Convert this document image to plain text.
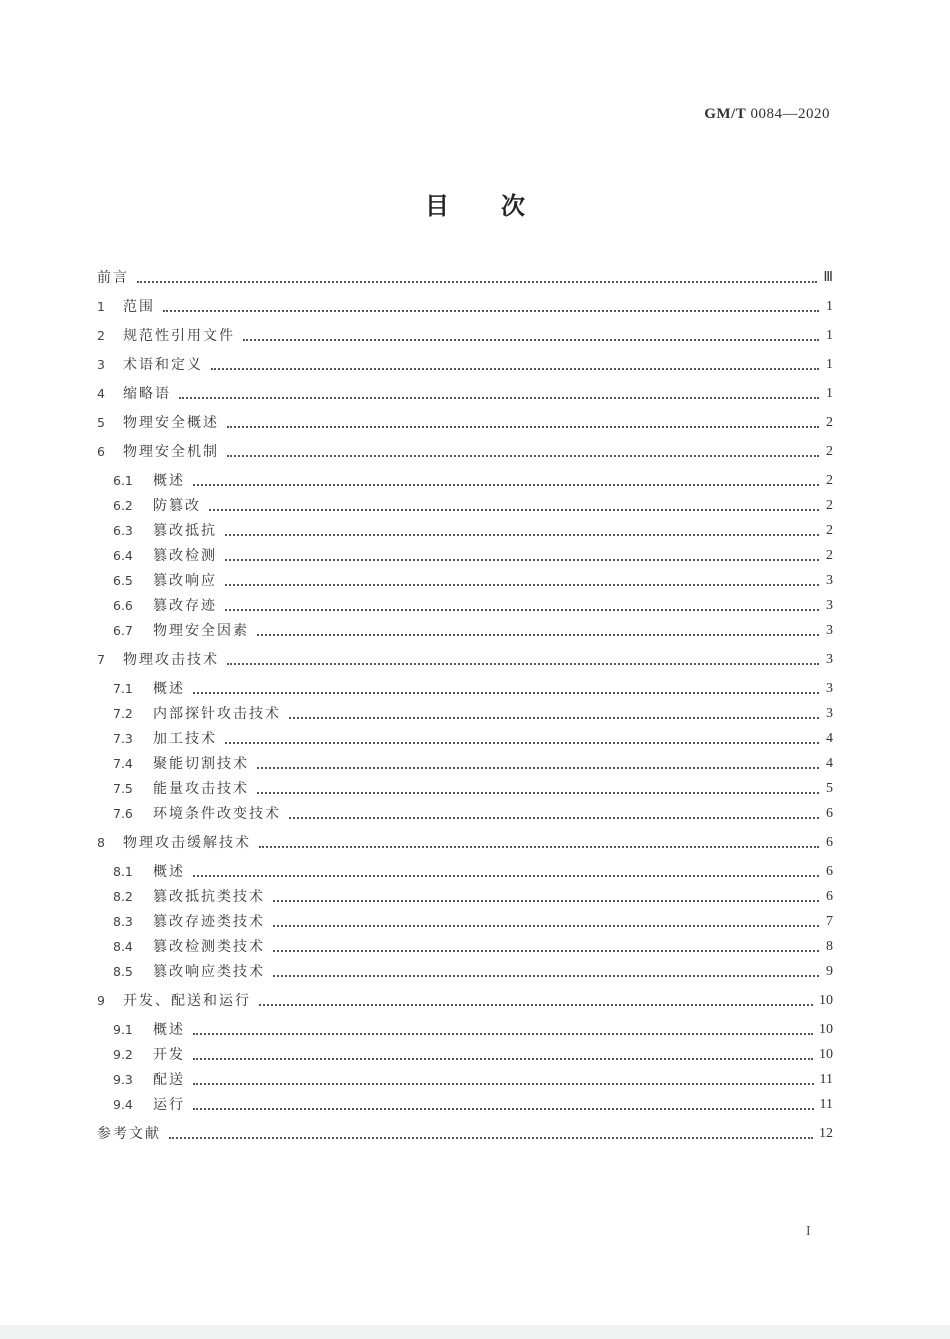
GM/T 0084—2020
目次
前言	Ⅲ
1	范围	1
2	规范性引用文件	1
3	术语和定义	1
4	缩略语	1
5	物理安全概述	2
6	物理安全机制	2
6.1	概述	2
6.2	防篡改	2
6.3	篡改抵抗	2
6.4	篡改检测	2
6.5	篡改响应	3
6.6	篡改存迹	3
6.7	物理安全因素	3
7	物理攻击技术	3
7.1	概述	3
7.2	内部探针攻击技术	3
7.3	加工技术	4
7.4	聚能切割技术	4
7.5	能量攻击技术	5
7.6	环境条件改变技术	6
8	物理攻击缓解技术	6
8.1	概述	6
8.2	篡改抵抗类技术	6
8.3	篡改存迹类技术	7
8.4	篡改检测类技术	8
8.5	篡改响应类技术	9
9	开发、配送和运行	10
9.1	概述	10
9.2	开发	10
9.3	配送	11
9.4	运行	11
参考文献	12
I
